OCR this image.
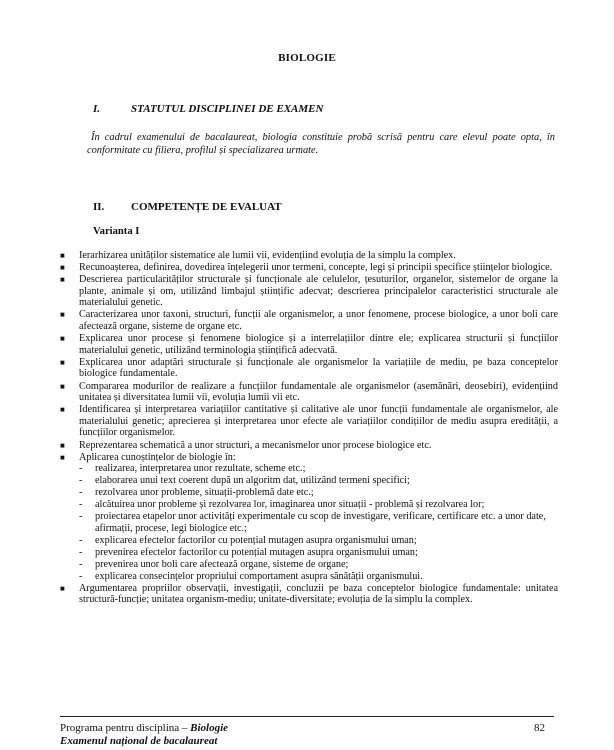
BIOLOGIE
I.	STATUTUL DISCIPLINEI DE EXAMEN
În cadrul examenului de bacalaureat, biologia constituie probă scrisă pentru care elevul poate opta, în conformitate cu filiera, profilul și specializarea urmate.
II. COMPETENȚE DE EVALUAT
Varianta I
■ Ierarhizarea unităților sistematice ale lumii vii, evidențiind evoluția de la simplu la complex.
■ Recunoașterea, definirea, dovedirea înțelegerii unor termeni, concepte, legi și principii specifice științelor biologice.
■ Descrierea particularităților structurale și funcționale ale celulelor, țesuturilor, organelor, sistemelor de organe la plante, animale și om, utilizând limbajul științific adecvat; descrierea principalelor caracteristici structurale ale materialului genetic.
■ Caracterizarea unor taxoni, structuri, funcții ale organismelor, a unor fenomene, procese biologice, a unor boli care afectează organe, sisteme de organe etc.
■ Explicarea unor procese și fenomene biologice și a interrelațiilor dintre ele; explicarea structurii și funcțiilor materialului genetic, utilizând terminologia științifică adecvată.
■ Explicarea unor adaptări structurale și funcționale ale organismelor la variațiile de mediu, pe baza conceptelor biologice fundamentale.
■ Compararea modurilor de realizare a funcțiilor fundamentale ale organismelor (asemănări, deosebiri), evidențiind unitatea și diversitatea lumii vii, evoluția lumii vii etc.
■ Identificarea și interpretarea variațiilor cantitative și calitative ale unor funcții fundamentale ale organismelor, ale materialului genetic; aprecierea și interpretarea unor efecte ale variațiilor condițiilor de mediu asupra eredității, a funcțiilor organismelor.
■ Reprezentarea schematică a unor structuri, a mecanismelor unor procese biologice etc.
■ Aplicarea cunoștințelor de biologie în:
- realizarea, interpretarea unor rezultate, scheme etc.;
- elaborarea unui text coerent după un algoritm dat, utilizând termeni specifici;
- rezolvarea unor probleme, situații-problemă date etc.;
- alcătuirea unor probleme și rezolvarea lor, imaginarea unor situații - problemă și rezolvarea lor;
- proiectarea etapelor unor activități experimentale cu scop de investigare, verificare, certificare etc. a unor date, afirmații, procese, legi biologice etc.;
- explicarea efectelor factorilor cu potențial mutagen asupra organismului uman;
- prevenirea efectelor factorilor cu potențial mutagen asupra organismului uman;
- prevenirea unor boli care afectează organe, sisteme de organe;
- explicarea consecințelor propriului comportament asupra sănătății organismului.
■ Argumentarea propriilor observații, investigații, concluzii pe baza conceptelor biologice fundamentale: unitatea structură-funcție; unitatea organism-mediu; unitate-diversitate; evoluția de la simplu la complex.
Programa pentru disciplina – Biologie
Examenul național de bacalaureat
82
